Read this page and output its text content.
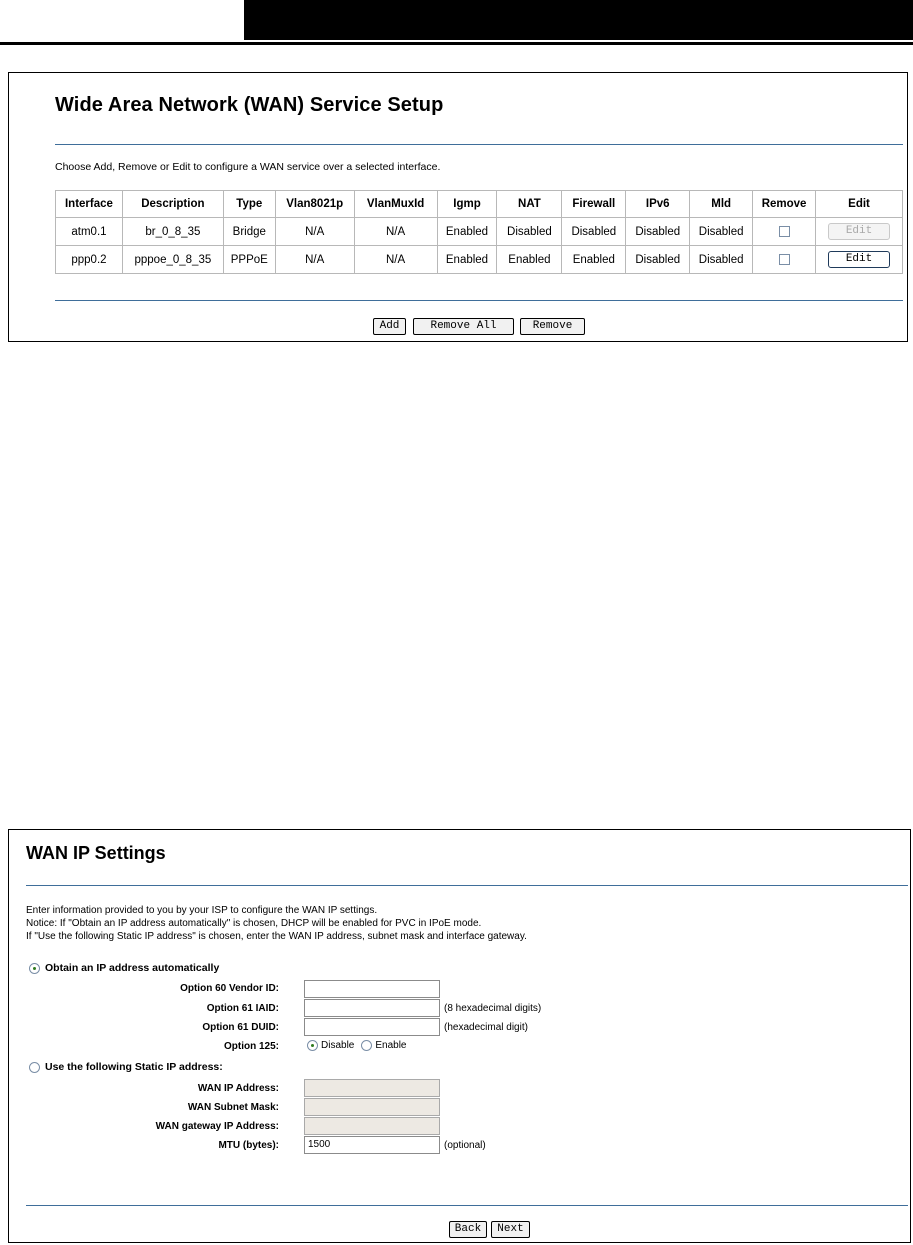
Wide Area Network (WAN) Service Setup
Choose Add, Remove or Edit to configure a WAN service over a selected interface.
Interface	Description	Type	Vlan8021p	VlanMuxId	Igmp	NAT	Firewall	IPv6	Mld	Remove	Edit
atm0.1	br_0_8_35	Bridge	N/A	N/A	Enabled	Disabled	Disabled	Disabled	Disabled		Edit
ppp0.2	pppoe_0_8_35	PPPoE	N/A	N/A	Enabled	Enabled	Enabled	Disabled	Disabled		Edit
Add	Remove All	Remove
WAN IP Settings
Enter information provided to you by your ISP to configure the WAN IP settings.
Notice: If "Obtain an IP address automatically" is chosen, DHCP will be enabled for PVC in IPoE mode.
If "Use the following Static IP address" is chosen, enter the WAN IP address, subnet mask and interface gateway.
Obtain an IP address automatically
Option 60 Vendor ID:
Option 61 IAID:	(8 hexadecimal digits)
Option 61 DUID:	(hexadecimal digit)
Option 125:	Disable Enable
Use the following Static IP address:
WAN IP Address:
WAN Subnet Mask:
WAN gateway IP Address:
MTU (bytes):	1500	(optional)
Back	Next
